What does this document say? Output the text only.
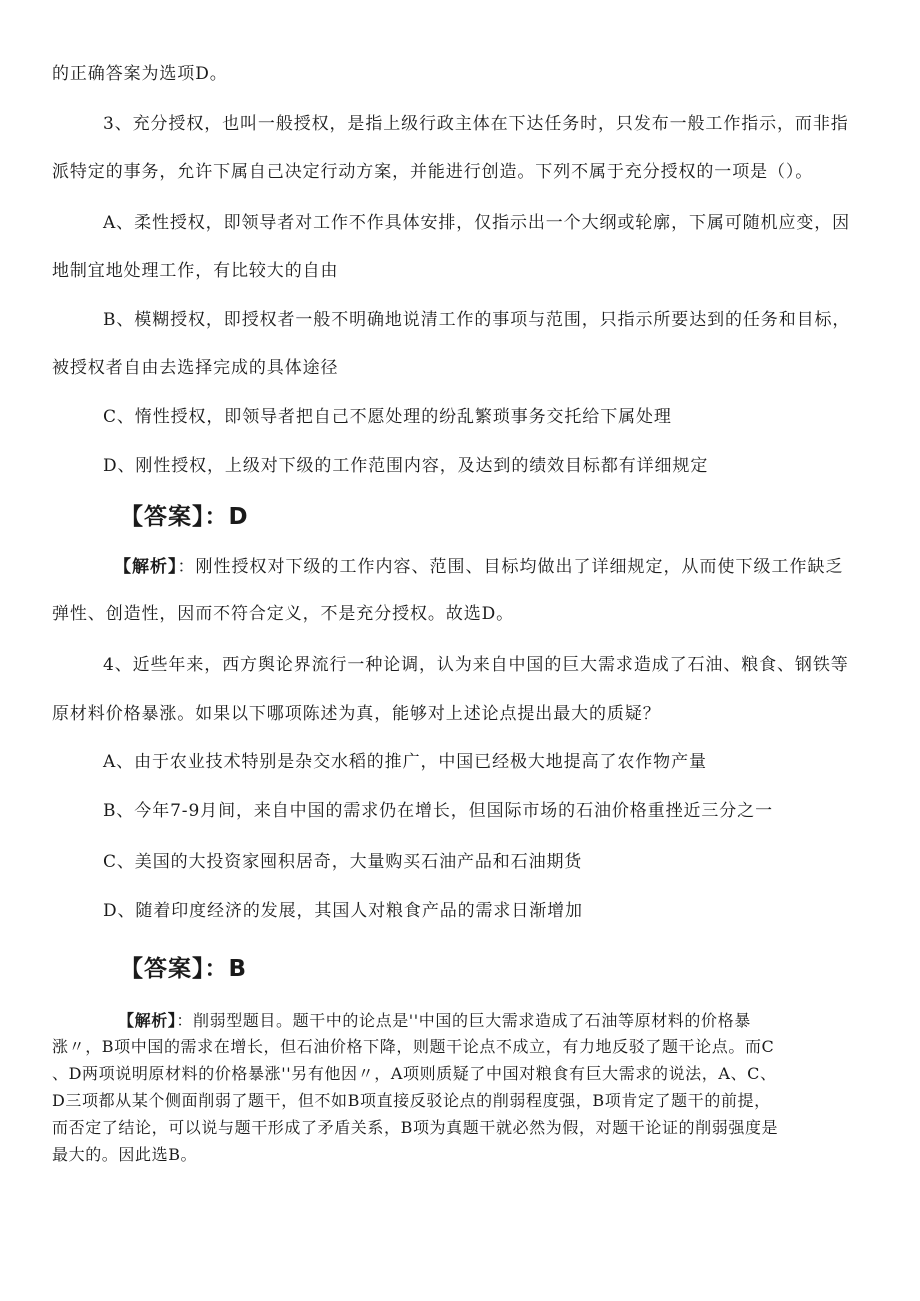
的正确答案为选项D。
3、充分授权，也叫一般授权，是指上级行政主体在下达任务时，只发布一般工作指示，而非指
派特定的事务，允许下属自己决定行动方案，并能进行创造。下列不属于充分授权的一项是（）。
A、柔性授权，即领导者对工作不作具体安排，仅指示出一个大纲或轮廓，下属可随机应变，因
地制宜地处理工作，有比较大的自由
B、模糊授权，即授权者一般不明确地说清工作的事项与范围，只指示所要达到的任务和目标，
被授权者自由去选择完成的具体途径
C、惰性授权，即领导者把自己不愿处理的纷乱繁琐事务交托给下属处理
D、刚性授权，上级对下级的工作范围内容，及达到的绩效目标都有详细规定
【答案】：D
【解析】：刚性授权对下级的工作内容、范围、目标均做出了详细规定，从而使下级工作缺乏
弹性、创造性，因而不符合定义，不是充分授权。故选D。
4、近些年来，西方舆论界流行一种论调，认为来自中国的巨大需求造成了石油、粮食、钢铁等
原材料价格暴涨。如果以下哪项陈述为真，能够对上述论点提出最大的质疑？
A、由于农业技术特别是杂交水稻的推广，中国已经极大地提高了农作物产量
B、今年7-9月间，来自中国的需求仍在增长，但国际市场的石油价格重挫近三分之一
C、美国的大投资家囤积居奇，大量购买石油产品和石油期货
D、随着印度经济的发展，其国人对粮食产品的需求日渐增加
【答案】：B
【解析】：削弱型题目。题干中的论点是''中国的巨大需求造成了石油等原材料的价格暴
涨〃，B项中国的需求在增长，但石油价格下降，则题干论点不成立，有力地反驳了题干论点。而C
、D两项说明原材料的价格暴涨''另有他因〃，A项则质疑了中国对粮食有巨大需求的说法，A、C、
D三项都从某个侧面削弱了题干，但不如B项直接反驳论点的削弱程度强，B项肯定了题干的前提，
而否定了结论，可以说与题干形成了矛盾关系，B项为真题干就必然为假，对题干论证的削弱强度是
最大的。因此选B。
